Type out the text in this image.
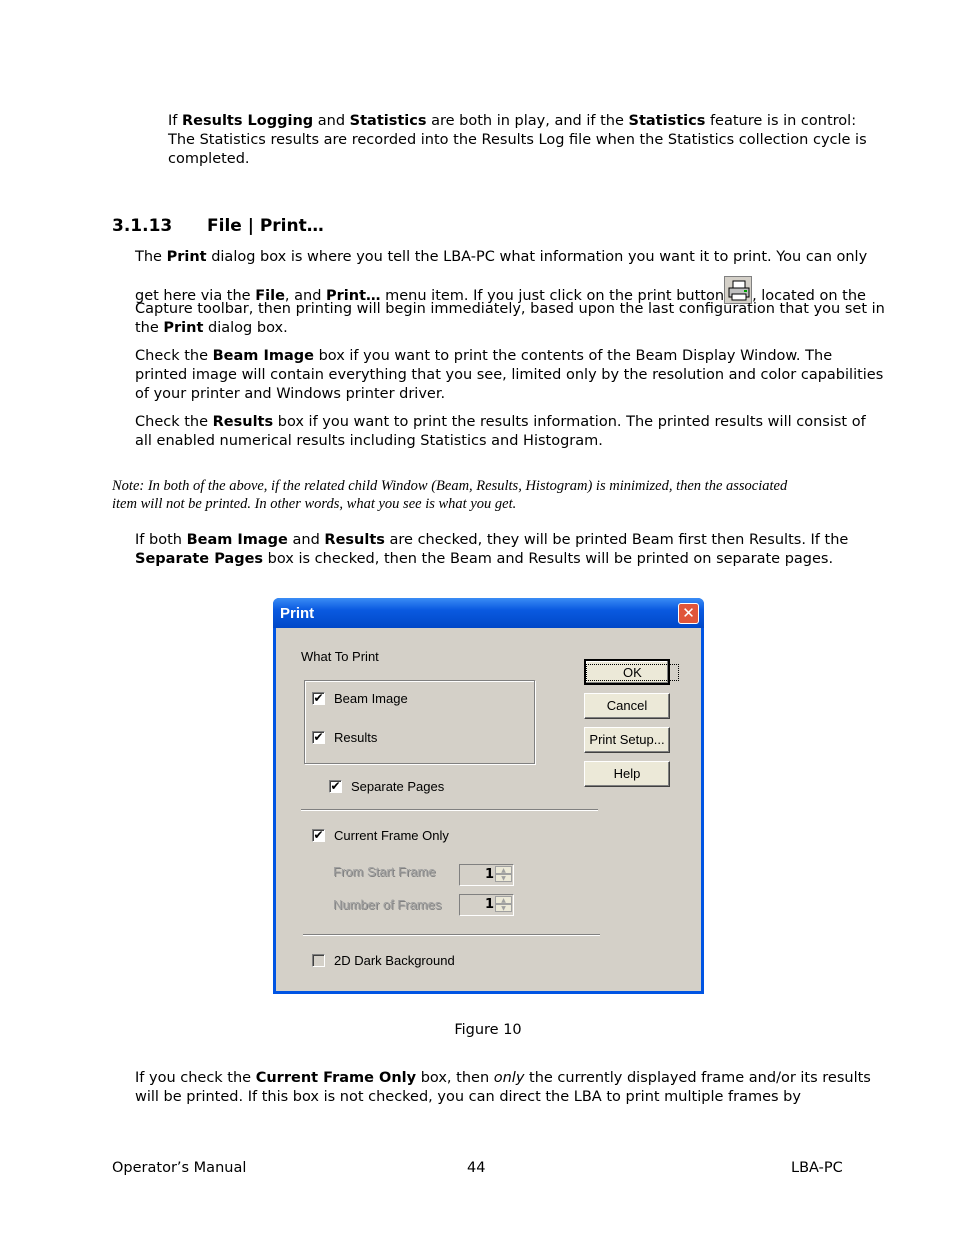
If Results Logging and Statistics are both in play, and if the Statistics feature is in control:
The Statistics results are recorded into the Results Log file when the Statistics collection cycle is
completed.
3.1.13 File | Print…
The Print dialog box is where you tell the LBA-PC what information you want it to print. You can only
get here via the File, and Print… menu item. If you just click on the print button , located on the
Capture toolbar, then printing will begin immediately, based upon the last configuration that you set in
the Print dialog box.
Check the Beam Image box if you want to print the contents of the Beam Display Window. The
printed image will contain everything that you see, limited only by the resolution and color capabilities
of your printer and Windows printer driver.
Check the Results box if you want to print the results information. The printed results will consist of
all enabled numerical results including Statistics and Histogram.
Note: In both of the above, if the related child Window (Beam, Results, Histogram) is minimized, then the associated
item will not be printed. In other words, what you see is what you get.
If both Beam Image and Results are checked, they will be printed Beam first then Results. If the
Separate Pages box is checked, then the Beam and Results will be printed on separate pages.
Print	✕
What To Print
✔ Beam Image
✔ Results
✔ Separate Pages
✔ Current Frame Only
From Start Frame	1	▲
▼
Number of Frames	1	▲
▼
2D Dark Background
OK
Cancel
Print Setup...
Help
Figure 10
If you check the Current Frame Only box, then only the currently displayed frame and/or its results
will be printed. If this box is not checked, you can direct the LBA to print multiple frames by
Operator’s Manual	44	LBA-PC
